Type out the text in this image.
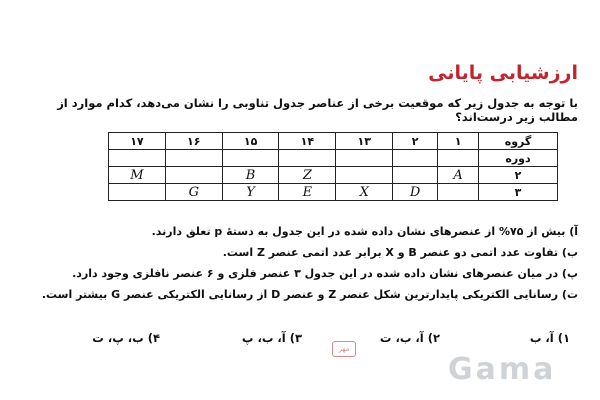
ارزشیابی پایانی
با توجه به جدول زیر که موقعیت برخی از عناصر جدول تناوبی را نشان می‌دهد، کدام موارد از مطالب زیر درست‌اند؟
گروه	۱	۲	۱۳	۱۴	۱۵	۱۶	۱۷
دوره							
۲	A			Z	B		M
۳		D	X	E	Y	G	
آ) بیش از ۷۵% از عنصرهای نشان داده شده در این جدول به دستهٔ p تعلق دارند.
ب) تفاوت عدد اتمی دو عنصر B و X برابر عدد اتمی عنصر Z است.
پ) در میان عنصرهای نشان داده شده در این جدول ۳ عنصر فلزی و ۶ عنصر نافلزی وجود دارد.
ت) رسانایی الکتریکی پایدارترین شکل عنصر Z و عنصر D از رسانایی الکتریکی عنصر G بیشتر است.
۱) آ، ب
۲) آ، ب، ت
۳) آ، ب، پ
۴) ب، پ، ت
مهر
Gama
